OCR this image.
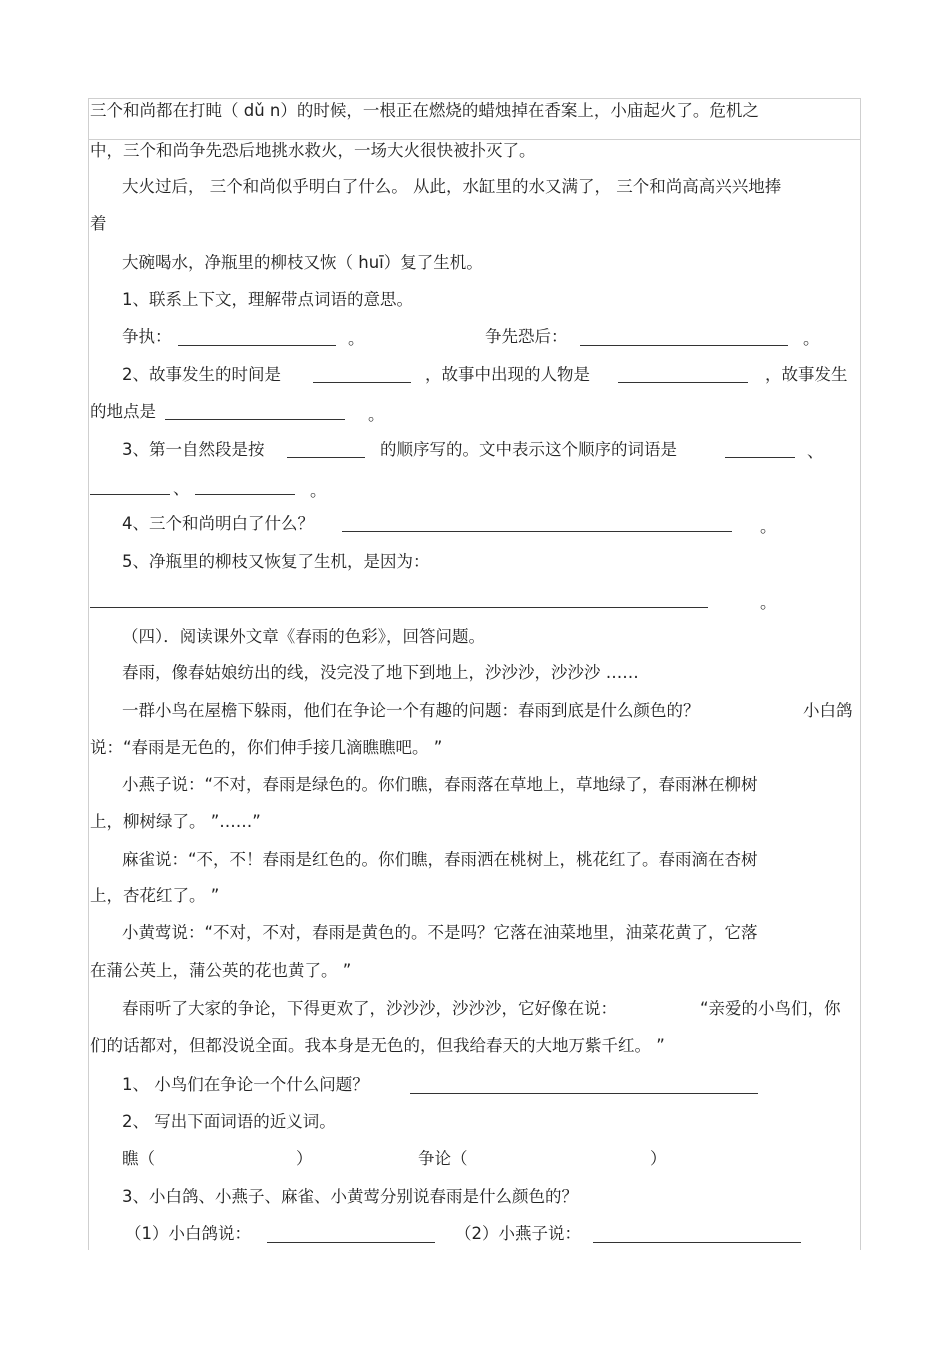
三个和尚都在打盹（ dǔ n）的时候，一根正在燃烧的蜡烛掉在香案上，小庙起火了。危机之
中，三个和尚争先恐后地挑水救火，一场大火很快被扑灭了。
大火过后， 三个和尚似乎明白了什么。 从此，水缸里的水又满了， 三个和尚高高兴兴地捧
着
大碗喝水，净瓶里的柳枝又恢（ huī）复了生机。
1、联系上下文，理解带点词语的意思。
争执：	。	争先恐后：	。
2、故事发生的时间是	，故事中出现的人物是	，故事发生
的地点是	。
3、第一自然段是按	的顺序写的。文中表示这个顺序的词语是	、
、	。
4、三个和尚明白了什么？	。
5、净瓶里的柳枝又恢复了生机，是因为：
。
（四）．阅读课外文章《春雨的色彩》，回答问题。
春雨，像春姑娘纺出的线，没完没了地下到地上，沙沙沙，沙沙沙 ……
一群小鸟在屋檐下躲雨，他们在争论一个有趣的问题：春雨到底是什么颜色的？	小白鸽
说：“春雨是无色的，你们伸手接几滴瞧瞧吧。 ”
小燕子说：“不对，春雨是绿色的。你们瞧，春雨落在草地上，草地绿了，春雨淋在柳树
上，柳树绿了。 ”……”
麻雀说：“不，不！春雨是红色的。你们瞧，春雨洒在桃树上，桃花红了。春雨滴在杏树
上，杏花红了。 ”
小黄莺说：“不对，不对，春雨是黄色的。不是吗？它落在油菜地里，油菜花黄了，它落
在蒲公英上，蒲公英的花也黄了。 ”
春雨听了大家的争论，下得更欢了，沙沙沙，沙沙沙，它好像在说：	“亲爱的小鸟们，你
们的话都对，但都没说全面。我本身是无色的，但我给春天的大地万紫千红。 ”
1、 小鸟们在争论一个什么问题？
2、 写出下面词语的近义词。
瞧（	）	争论（	）
3、小白鸽、小燕子、麻雀、小黄莺分别说春雨是什么颜色的？
（1）小白鸽说：	（2）小燕子说：
